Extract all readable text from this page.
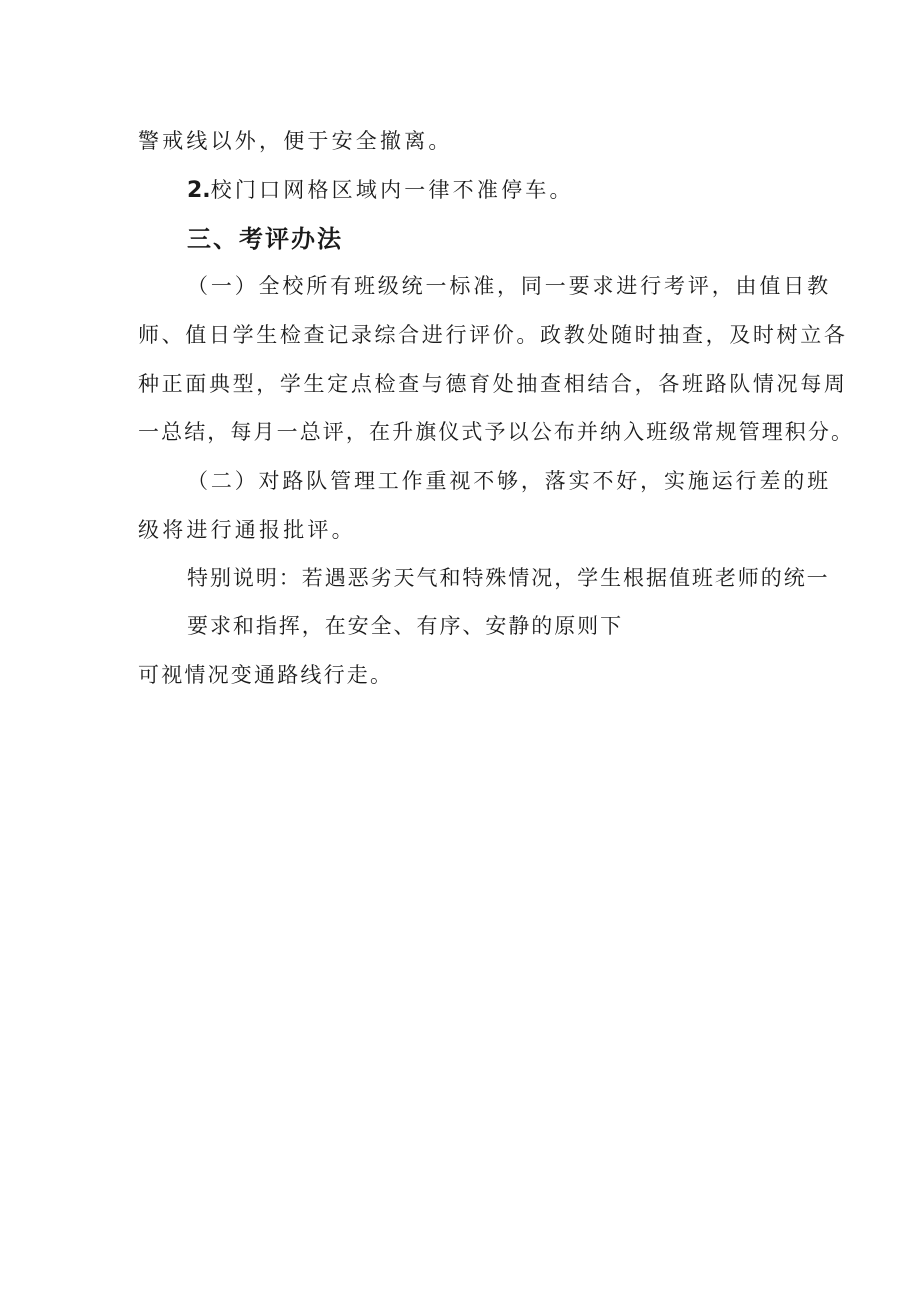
警戒线以外，便于安全撤离。
2.校门口网格区域内一律不准停车。
三、考评办法
（一）全校所有班级统一标准，同一要求进行考评，由值日教
师、值日学生检查记录综合进行评价。政教处随时抽查，及时树立各
种正面典型，学生定点检查与德育处抽查相结合，各班路队情况每周
一总结，每月一总评，在升旗仪式予以公布并纳入班级常规管理积分。
（二）对路队管理工作重视不够，落实不好，实施运行差的班
级将进行通报批评。
特别说明：若遇恶劣天气和特殊情况，学生根据值班老师的统一
要求和指挥，在安全、有序、安静的原则下
可视情况变通路线行走。
